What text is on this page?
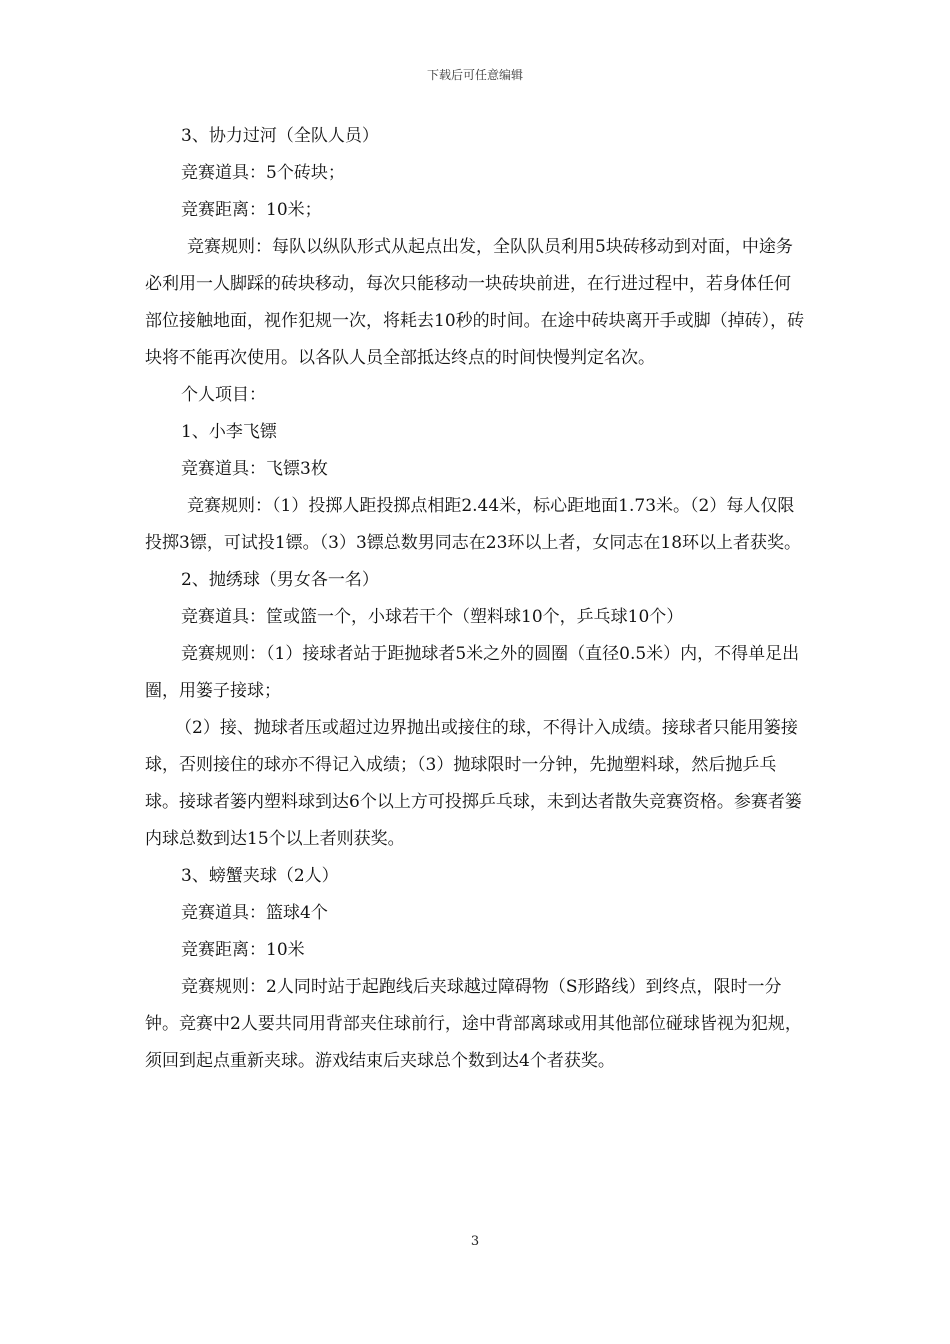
下载后可任意编辑

3、协力过河（全队人员）

竞赛道具：5个砖块；

竞赛距离：10米；

竞赛规则：每队以纵队形式从起点出发，全队队员利用5块砖移动到对面，中途务必利用一人脚踩的砖块移动，每次只能移动一块砖块前进，在行进过程中，若身体任何部位接触地面，视作犯规一次，将耗去10秒的时间。在途中砖块离开手或脚（掉砖），砖块将不能再次使用。以各队人员全部抵达终点的时间快慢判定名次。

个人项目：

1、小李飞镖

竞赛道具：飞镖3枚

竞赛规则：（1）投掷人距投掷点相距2.44米，标心距地面1.73米。（2）每人仅限投掷3镖，可试投1镖。（3）3镖总数男同志在23环以上者，女同志在18环以上者获奖。

2、抛绣球（男女各一名）

竞赛道具：筐或篮一个，小球若干个（塑料球10个，乒乓球10个）

竞赛规则：（1）接球者站于距抛球者5米之外的圆圈（直径0.5米）内，不得单足出圈，用篓子接球；

（2）接、抛球者压或超过边界抛出或接住的球，不得计入成绩。接球者只能用篓接球，否则接住的球亦不得记入成绩；（3）抛球限时一分钟，先抛塑料球，然后抛乒乓球。接球者篓内塑料球到达6个以上方可投掷乒乓球，未到达者散失竞赛资格。参赛者篓内球总数到达15个以上者则获奖。

3、螃蟹夹球（2人）

竞赛道具：篮球4个

竞赛距离：10米

竞赛规则：2人同时站于起跑线后夹球越过障碍物（S形路线）到终点，限时一分钟。竞赛中2人要共同用背部夹住球前行，途中背部离球或用其他部位碰球皆视为犯规，须回到起点重新夹球。游戏结束后夹球总个数到达4个者获奖。

3
